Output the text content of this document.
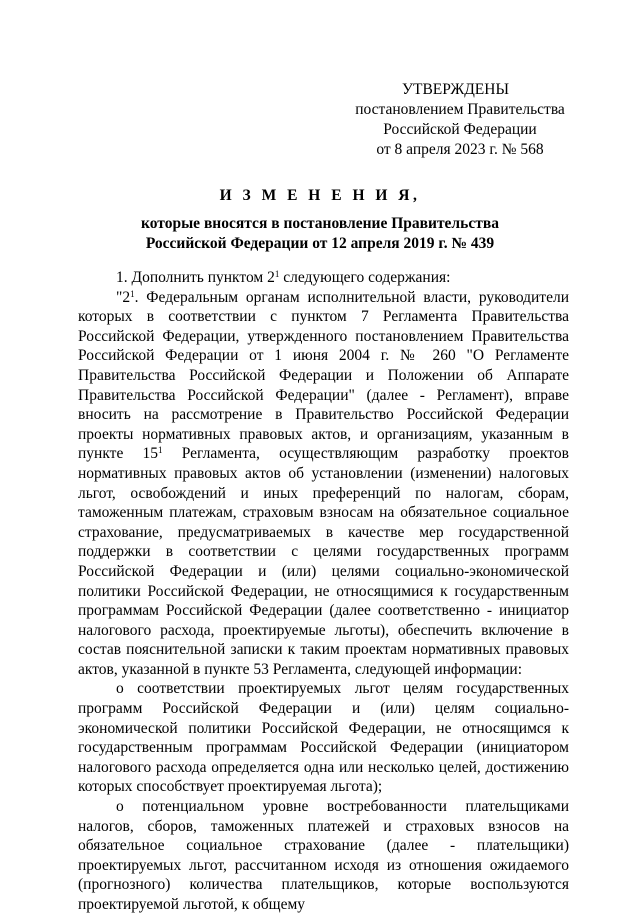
УТВЕРЖДЕНЫ
постановлением Правительства
Российской Федерации
от 8 апреля 2023 г. № 568
И З М Е Н Е Н И Я,
которые вносятся в постановление Правительства
Российской Федерации от 12 апреля 2019 г. № 439

1. Дополнить пунктом $2^1$ следующего содержания:

"$2^1$. Федеральным органам исполнительной власти, руководители которых в соответствии с пунктом 7 Регламента Правительства Российской Федерации, утвержденного постановлением Правительства Российской Федерации от 1 июня 2004 г. № 260 "О Регламенте Правительства Российской Федерации и Положении об Аппарате Правительства Российской Федерации" (далее - Регламент), вправе вносить на рассмотрение в Правительство Российской Федерации проекты нормативных правовых актов, и организациям, указанным в пункте $15^1$ Регламента, осуществляющим разработку проектов нормативных правовых актов об установлении (изменении) налоговых льгот, освобождений и иных преференций по налогам, сборам, таможенным платежам, страховым взносам на обязательное социальное страхование, предусматриваемых в качестве мер государственной поддержки в соответствии с целями государственных программ Российской Федерации и (или) целями социально-экономической политики Российской Федерации, не относящимися к государственным программам Российской Федерации (далее соответственно - инициатор налогового расхода, проектируемые льготы), обеспечить включение в состав пояснительной записки к таким проектам нормативных правовых актов, указанной в пункте 53 Регламента, следующей информации:

о соответствии проектируемых льгот целям государственных программ Российской Федерации и (или) целям социально-экономической политики Российской Федерации, не относящимся к государственным программам Российской Федерации (инициатором налогового расхода определяется одна или несколько целей, достижению которых способствует проектируемая льгота);

о потенциальном уровне востребованности плательщиками налогов, сборов, таможенных платежей и страховых взносов на обязательное социальное страхование (далее - плательщики) проектируемых льгот, рассчитанном исходя из отношения ожидаемого (прогнозного) количества плательщиков, которые воспользуются проектируемой льготой, к общему
